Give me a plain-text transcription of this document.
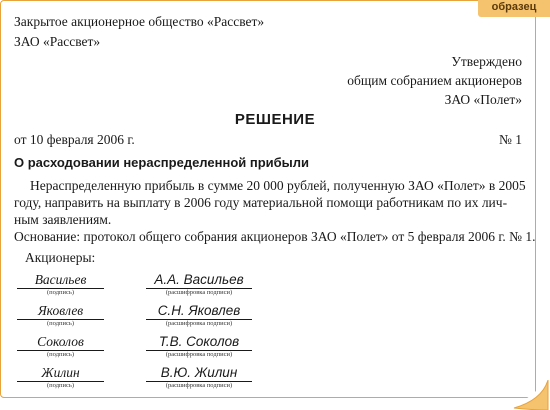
образец
Закрытое акционерное общество «Рассвет»
ЗАО «Рассвет»
Утверждено
общим собранием акционеров
ЗАО «Полет»
РЕШЕНИЕ
от 10 февраля 2006 г.	№ 1
О расходовании нераспределенной прибыли
Нераспределенную прибыль в сумме 20 000 рублей, полученную ЗАО «Полет» в 2005
году, направить на выплату в 2006 году материальной помощи работникам по их лич-
ным заявлениям.
Основание: протокол общего собрания акционеров ЗАО «Полет» от 5 февраля 2006 г. № 1.
Акционеры:
Васильев
(подпись)
А.А. Васильев
(расшифровка подписи)
Яковлев
(подпись)
С.Н. Яковлев
(расшифровка подписи)
Соколов
(подпись)
Т.В. Соколов
(расшифровка подписи)
Жилин
(подпись)
В.Ю. Жилин
(расшифровка подписи)
